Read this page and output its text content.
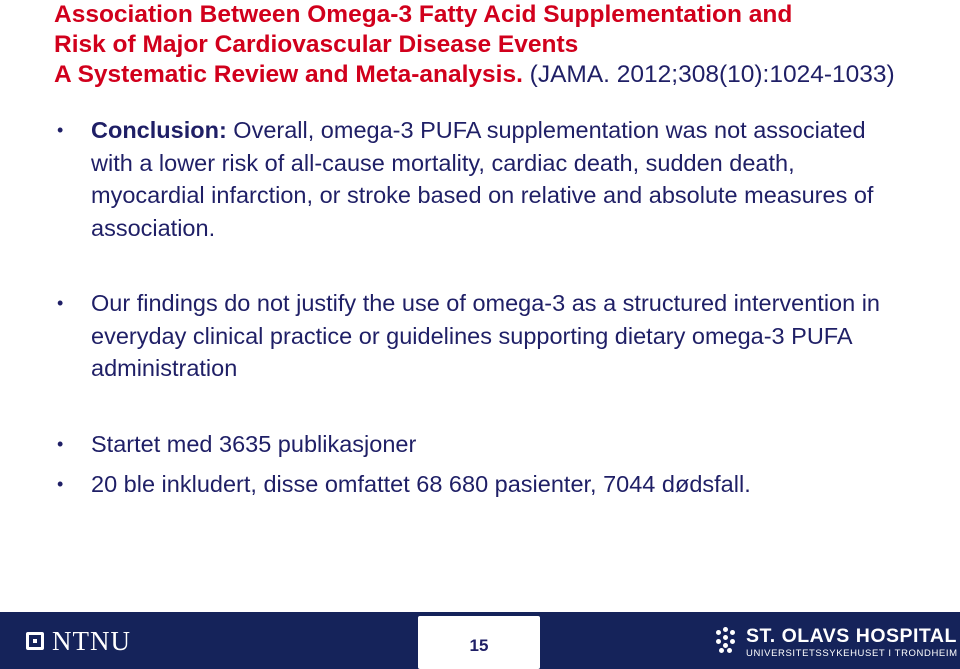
Association Between Omega-3 Fatty Acid Supplementation and
Risk of Major Cardiovascular Disease Events
A Systematic Review and Meta-analysis. (JAMA. 2012;308(10):1024-1033)
• Conclusion: Overall, omega-3 PUFA supplementation was not associated with a lower risk of all-cause mortality, cardiac death, sudden death, myocardial infarction, or stroke based on relative and absolute measures of association.
• Our findings do not justify the use of omega-3 as a structured intervention in everyday clinical practice or guidelines supporting dietary omega-3 PUFA administration
• Startet med 3635 publikasjoner
• 20 ble inkludert, disse omfattet 68 680 pasienter, 7044 dødsfall.
NTNU	ST. OLAVS HOSPITAL
UNIVERSITETSSYKEHUSET I TRONDHEIM
15
